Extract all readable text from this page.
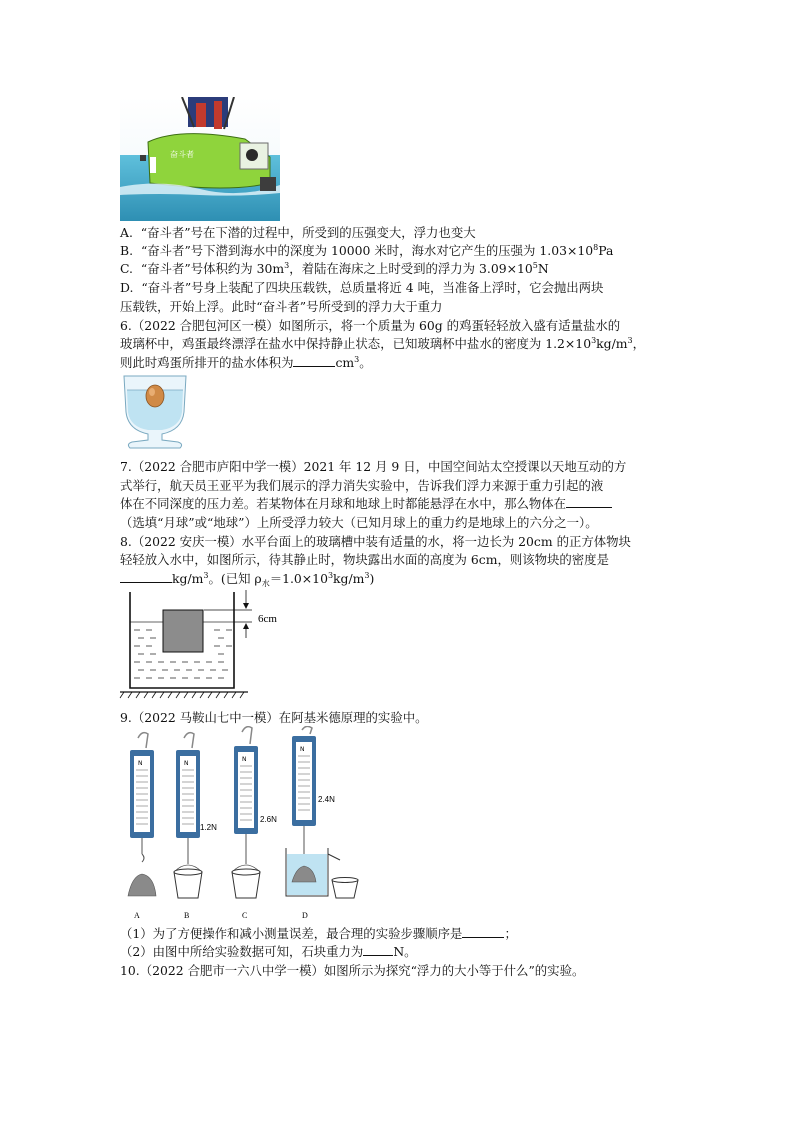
奋斗者
A. “奋斗者”号在下潜的过程中，所受到的压强变大，浮力也变大
B. “奋斗者”号下潜到海水中的深度为 10000 米时，海水对它产生的压强为 $1.03\times 10^8Pa$
C. “奋斗者”号体积约为 $30m^3$，着陆在海床之上时受到的浮力为 $3.09\times 10^5N$
D. “奋斗者”号身上装配了四块压载铁，总质量将近 4 吨，当准备上浮时，它会抛出两块
压载铁，开始上浮。此时“奋斗者”号所受到的浮力大于重力
6.（2022 合肥包河区一模）如图所示，将一个质量为 60g 的鸡蛋轻轻放入盛有适量盐水的
玻璃杯中，鸡蛋最终漂浮在盐水中保持静止状态，已知玻璃杯中盐水的密度为 $1.2\times 10^3kg/m^3$，
则此时鸡蛋所排开的盐水体积为	$cm^3$。
7.（2022 合肥市庐阳中学一模）2021 年 12 月 9 日，中国空间站太空授课以天地互动的方
式举行，航天员王亚平为我们展示的浮力消失实验中，告诉我们浮力来源于重力引起的液
体在不同深度的压力差。若某物体在月球和地球上时都能悬浮在水中，那么物体在
（选填“月球”或“地球”）上所受浮力较大（已知月球上的重力约是地球上的六分之一）。
8.（2022 安庆一模）水平台面上的玻璃槽中装有适量的水，将一边长为 20cm 的正方体物块
轻轻放入水中，如图所示，待其静止时，物块露出水面的高度为 6cm，则该物块的密度是
$kg/m^3$。(已知 $\rho_水=1.0\times 10^3kg/m^3$)
6cm
9.（2022 马鞍山七中一模）在阿基米德原理的实验中。
N	N
1.2N
N
2.6N
N
2.4N
A	B	C	D
（1）为了方便操作和减小测量误差，最合理的实验步骤顺序是	；
（2）由图中所给实验数据可知，石块重力为 N。
10.（2022 合肥市一六八中学一模）如图所示为探究“浮力的大小等于什么”的实验。
